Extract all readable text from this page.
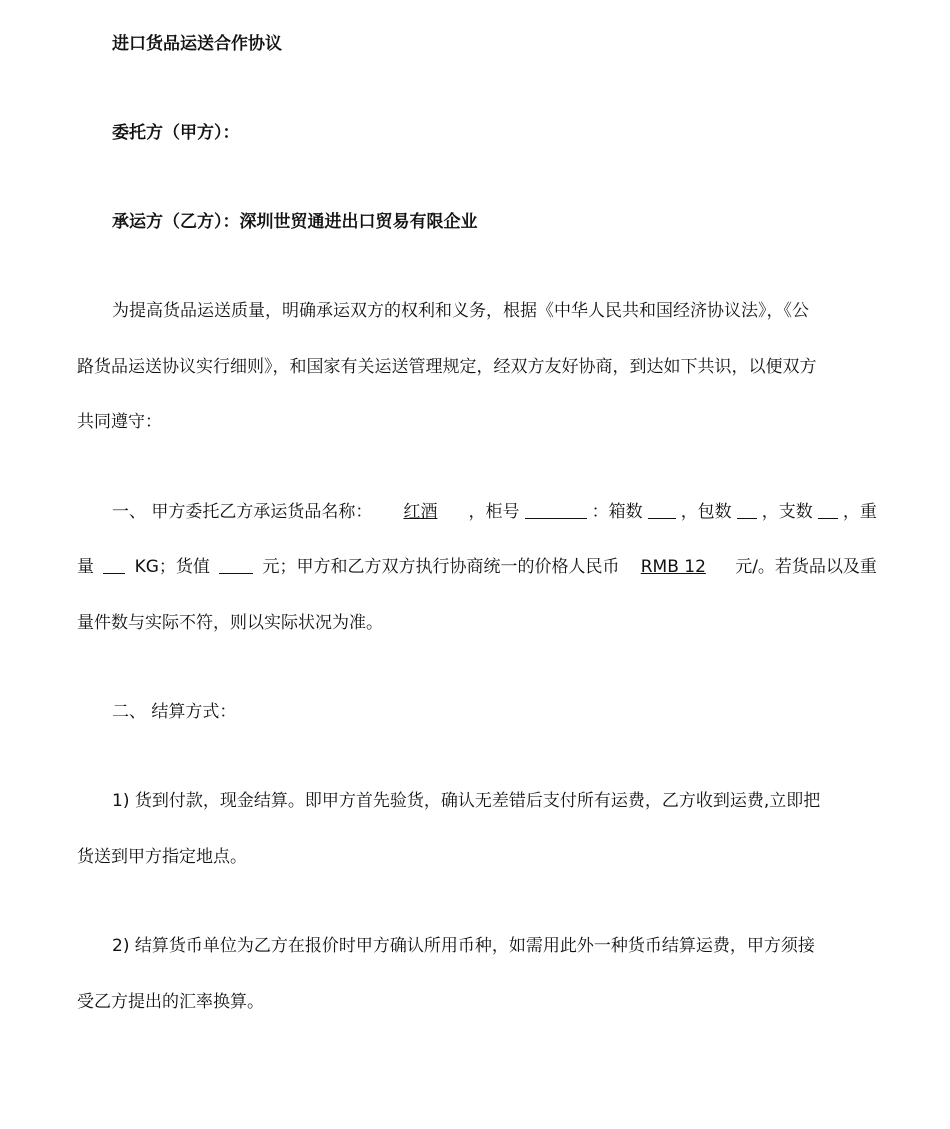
进口货品运送合作协议
委托方（甲方）：
承运方（乙方）：深圳世贸通进出口贸易有限企业
为提高货品运送质量，明确承运双方的权利和义务，根据《中华人民共和国经济协议法》，《公
路货品运送协议实行细则》，和国家有关运送管理规定，经双方友好协商，到达如下共识，以便双方
共同遵守：
一、 甲方委托乙方承运货品名称：	红酒	，柜号	：箱数 ，包数 ，支数 ，重
量 KG；货值	元；甲方和乙方双方执行协商统一的价格人民币	RMB 12	元/。若货品以及重
量件数与实际不符，则以实际状况为准。
二、 结算方式：
1) 货到付款，现金结算。即甲方首先验货，确认无差错后支付所有运费，乙方收到运费,立即把
货送到甲方指定地点。
2) 结算货币单位为乙方在报价时甲方确认所用币种，如需用此外一种货币结算运费，甲方须接
受乙方提出的汇率换算。
